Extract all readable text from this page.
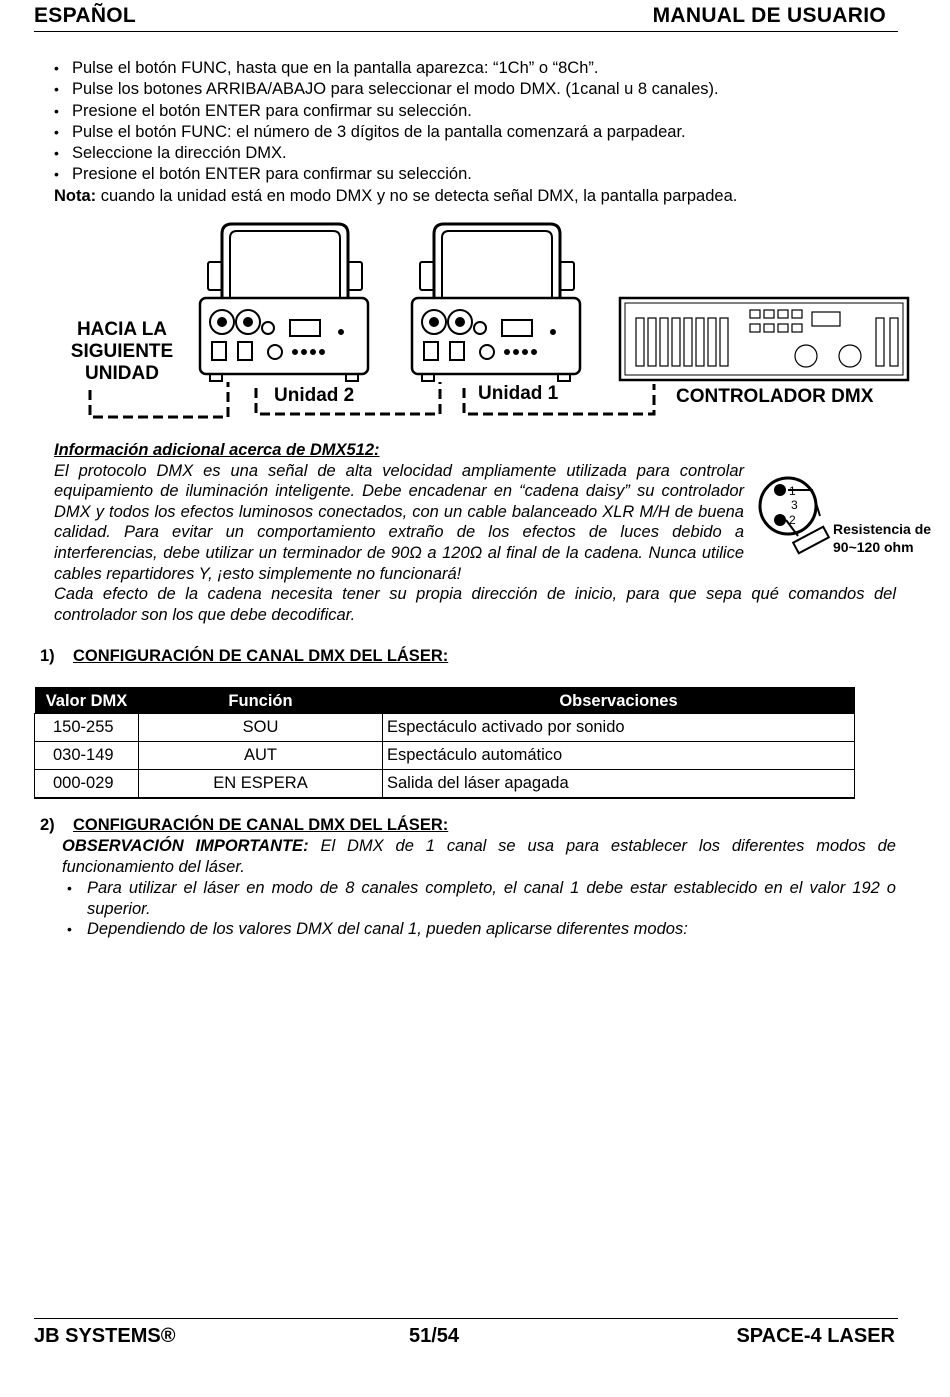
ESPAÑOL	MANUAL DE USUARIO
• Pulse el botón FUNC, hasta que en la pantalla aparezca: “1Ch” o “8Ch”.
• Pulse los botones ARRIBA/ABAJO para seleccionar el modo DMX. (1canal u 8 canales).
• Presione el botón ENTER para confirmar su selección.
• Pulse el botón FUNC: el número de 3 dígitos de la pantalla comenzará a parpadear.
• Seleccione la dirección DMX.
• Presione el botón ENTER para confirmar su selección.
Nota: cuando la unidad está en modo DMX y no se detecta señal DMX, la pantalla parpadea.
HACIA LA
SIGUIENTE
UNIDAD
Unidad 2	Unidad 1	CONTROLADOR DMX
Información adicional acerca de DMX512:
El protocolo DMX es una señal de alta velocidad ampliamente utilizada para controlar equipamiento de iluminación inteligente. Debe encadenar en “cadena daisy” su controlador DMX y todos los efectos luminosos conectados, con un cable balanceado XLR M/H de buena calidad. Para evitar un comportamiento extraño de los efectos de luces debido a interferencias, debe utilizar un terminador de 90Ω a 120Ω al final de la cadena. Nunca utilice cables repartidores Y, ¡esto simplemente no funcionará!
Cada efecto de la cadena necesita tener su propia dirección de inicio, para que sepa qué comandos del controlador son los que debe decodificar.
1
3
2
Resistencia de
90~120 ohm
1) CONFIGURACIÓN DE CANAL DMX DEL LÁSER:
Valor DMX	Función	Observaciones
150-255	SOU	Espectáculo activado por sonido
030-149	AUT	Espectáculo automático
000-029	EN ESPERA	Salida del láser apagada
2) CONFIGURACIÓN DE CANAL DMX DEL LÁSER:
OBSERVACIÓN IMPORTANTE: El DMX de 1 canal se usa para establecer los diferentes modos de funcionamiento del láser.
• Para utilizar el láser en modo de 8 canales completo, el canal 1 debe estar establecido en el valor 192 o superior.
• Dependiendo de los valores DMX del canal 1, pueden aplicarse diferentes modos:
JB SYSTEMS®	51/54	SPACE-4 LASER
